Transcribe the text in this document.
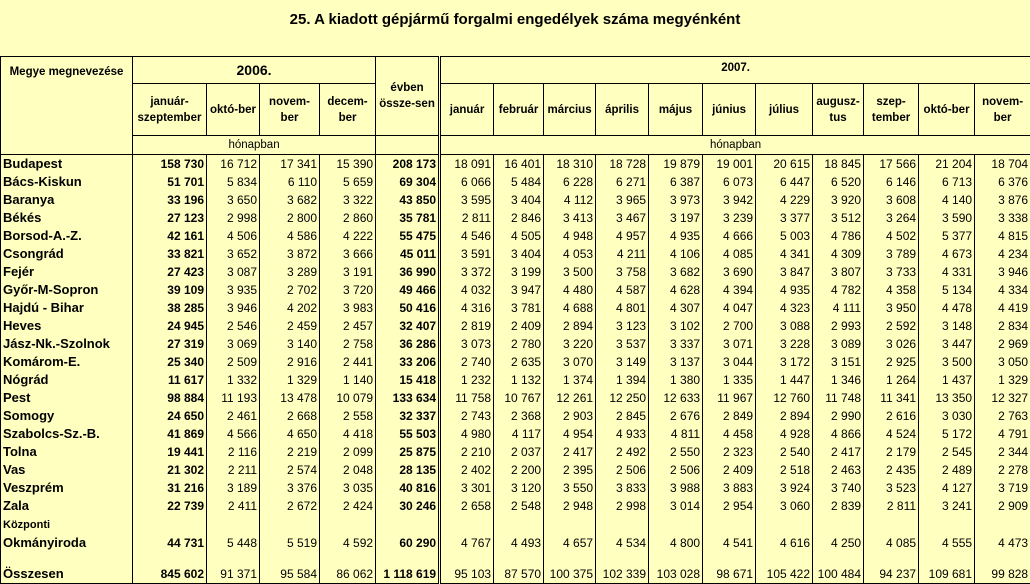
25. A kiadott gépjármű forgalmi engedélyek száma megyénként
Megye megnevezése	2006.				évben össze-sen	2007.										
	január-szeptember	októ-ber	novem-ber	decem-ber		január	február	március	április	május	június	július	augusz-tus	szep-tember	októ-ber	novem-ber
	hónapban					hónapban										
Budapest	158 730	16 712	17 341	15 390	208 173	18 091	16 401	18 310	18 728	19 879	19 001	20 615	18 845	17 566	21 204	18 704
Bács-Kiskun	51 701	5 834	6 110	5 659	69 304	6 066	5 484	6 228	6 271	6 387	6 073	6 447	6 520	6 146	6 713	6 376
Baranya	33 196	3 650	3 682	3 322	43 850	3 595	3 404	4 112	3 965	3 973	3 942	4 229	3 920	3 608	4 140	3 876
Békés	27 123	2 998	2 800	2 860	35 781	2 811	2 846	3 413	3 467	3 197	3 239	3 377	3 512	3 264	3 590	3 338
Borsod-A.-Z.	42 161	4 506	4 586	4 222	55 475	4 546	4 505	4 948	4 957	4 935	4 666	5 003	4 786	4 502	5 377	4 815
Csongrád	33 821	3 652	3 872	3 666	45 011	3 591	3 404	4 053	4 211	4 106	4 085	4 341	4 309	3 789	4 673	4 234
Fejér	27 423	3 087	3 289	3 191	36 990	3 372	3 199	3 500	3 758	3 682	3 690	3 847	3 807	3 733	4 331	3 946
Győr-M-Sopron	39 109	3 935	2 702	3 720	49 466	4 032	3 947	4 480	4 587	4 628	4 394	4 935	4 782	4 358	5 134	4 334
Hajdú - Bihar	38 285	3 946	4 202	3 983	50 416	4 316	3 781	4 688	4 801	4 307	4 047	4 323	4 111	3 950	4 478	4 419
Heves	24 945	2 546	2 459	2 457	32 407	2 819	2 409	2 894	3 123	3 102	2 700	3 088	2 993	2 592	3 148	2 834
Jász-Nk.-Szolnok	27 319	3 069	3 140	2 758	36 286	3 073	2 780	3 220	3 537	3 337	3 071	3 228	3 089	3 026	3 447	2 969
Komárom-E.	25 340	2 509	2 916	2 441	33 206	2 740	2 635	3 070	3 149	3 137	3 044	3 172	3 151	2 925	3 500	3 050
Nógrád	11 617	1 332	1 329	1 140	15 418	1 232	1 132	1 374	1 394	1 380	1 335	1 447	1 346	1 264	1 437	1 329
Pest	98 884	11 193	13 478	10 079	133 634	11 758	10 767	12 261	12 250	12 633	11 967	12 760	11 748	11 341	13 350	12 327
Somogy	24 650	2 461	2 668	2 558	32 337	2 743	2 368	2 903	2 845	2 676	2 849	2 894	2 990	2 616	3 030	2 763
Szabolcs-Sz.-B.	41 869	4 566	4 650	4 418	55 503	4 980	4 117	4 954	4 933	4 811	4 458	4 928	4 866	4 524	5 172	4 791
Tolna	19 441	2 116	2 219	2 099	25 875	2 210	2 037	2 417	2 492	2 550	2 323	2 540	2 417	2 179	2 545	2 344
Vas	21 302	2 211	2 574	2 048	28 135	2 402	2 200	2 395	2 506	2 506	2 409	2 518	2 463	2 435	2 489	2 278
Veszprém	31 216	3 189	3 376	3 035	40 816	3 301	3 120	3 550	3 833	3 988	3 883	3 924	3 740	3 523	4 127	3 719
Zala	22 739	2 411	2 672	2 424	30 246	2 658	2 548	2 948	2 998	3 014	2 954	3 060	2 839	2 811	3 241	2 909

Központi
Okmányiroda	44 731	5 448	5 519	4 592	60 290	4 767	4 493	4 657	4 534	4 800	4 541	4 616	4 250	4 085	4 555	4 473
Összesen	845 602	91 371	95 584	86 062	1 118 619	95 103	87 570	100 375	102 339	103 028	98 671	105 422	100 484	94 237	109 681	99 828
